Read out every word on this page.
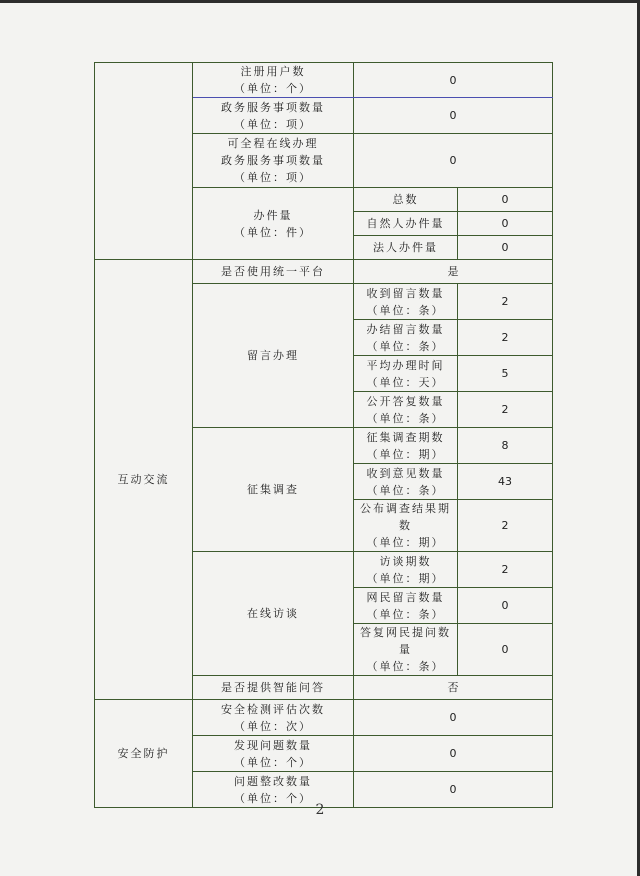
	注册用户数
（单位：个）	0	
	政务服务事项数量
（单位：项）	0	
	可全程在线办理
政务服务事项数量
（单位：项）	0	
	办件量
（单位：件）	总数	0
		自然人办件量	0
		法人办件量	0

互动交流	是否使用统一平台	是	
	留言办理	收到留言数量
（单位：条）	2
		办结留言数量
（单位：条）	2
		平均办理时间
（单位：天）	5
		公开答复数量
（单位：条）	2
	征集调查	征集调查期数
（单位：期）	8
		收到意见数量
（单位：条）	43
		公布调查结果期数
（单位：期）	2
	在线访谈	访谈期数
（单位：期）	2
		网民留言数量
（单位：条）	0
		答复网民提问数量
（单位：条）	0
	是否提供智能问答	否	
安全防护	安全检测评估次数
（单位：次）	0	
	发现问题数量
（单位：个）	0	
	问题整改数量
（单位：个）	0	
2
